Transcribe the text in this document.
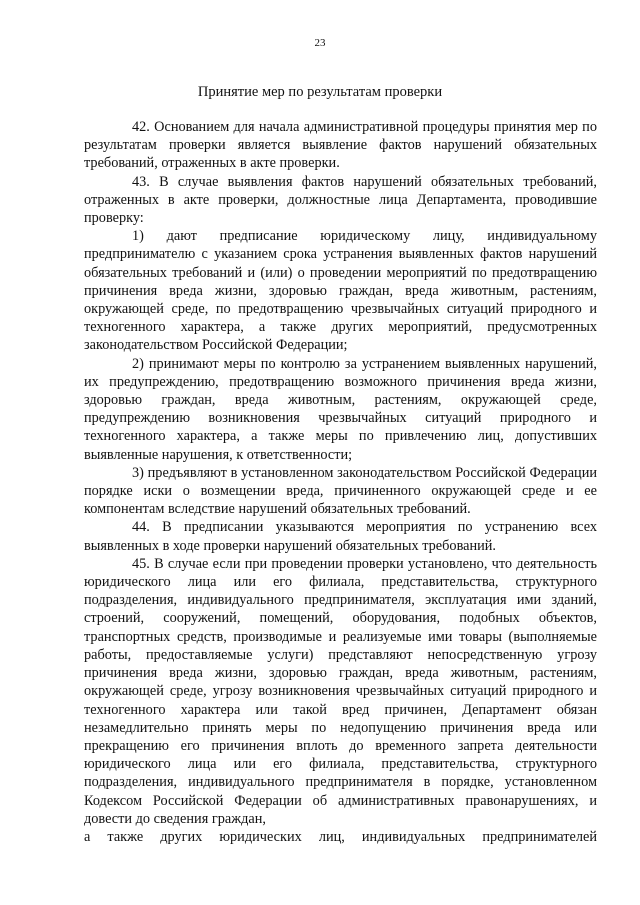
23
Принятие мер по результатам проверки

42. Основанием для начала административной процедуры принятия мер по результатам проверки является выявление фактов нарушений обязательных требований, отраженных в акте проверки.

43. В случае выявления фактов нарушений обязательных требований, отраженных в акте проверки, должностные лица Департамента, проводившие проверку:

1) дают предписание юридическому лицу, индивидуальному предпринимателю с указанием срока устранения выявленных фактов нарушений обязательных требований и (или) о проведении мероприятий по предотвращению причинения вреда жизни, здоровью граждан, вреда животным, растениям, окружающей среде, по предотвращению чрезвычайных ситуаций природного и техногенного характера, а также других мероприятий, предусмотренных законодательством Российской Федерации;

2) принимают меры по контролю за устранением выявленных нарушений, их предупреждению, предотвращению возможного причинения вреда жизни, здоровью граждан, вреда животным, растениям, окружающей среде, предупреждению возникновения чрезвычайных ситуаций природного и техногенного характера, а также меры по привлечению лиц, допустивших выявленные нарушения, к ответственности;

3) предъявляют в установленном законодательством Российской Федерации порядке иски о возмещении вреда, причиненного окружающей среде и ее компонентам вследствие нарушений обязательных требований.

44. В предписании указываются мероприятия по устранению всех выявленных в ходе проверки нарушений обязательных требований.

45. В случае если при проведении проверки установлено, что деятельность юридического лица или его филиала, представительства, структурного подразделения, индивидуального предпринимателя, эксплуатация ими зданий, строений, сооружений, помещений, оборудования, подобных объектов, транспортных средств, производимые и реализуемые ими товары (выполняемые работы, предоставляемые услуги) представляют непосредственную угрозу причинения вреда жизни, здоровью граждан, вреда животным, растениям, окружающей среде, угрозу возникновения чрезвычайных ситуаций природного и техногенного характера или такой вред причинен, Департамент обязан незамедлительно принять меры по недопущению причинения вреда или прекращению его причинения вплоть до временного запрета деятельности юридического лица или его филиала, представительства, структурного подразделения, индивидуального предпринимателя в порядке, установленном Кодексом Российской Федерации об административных правонарушениях, и довести до сведения граждан,

а также других юридических лиц, индивидуальных предпринимателей
